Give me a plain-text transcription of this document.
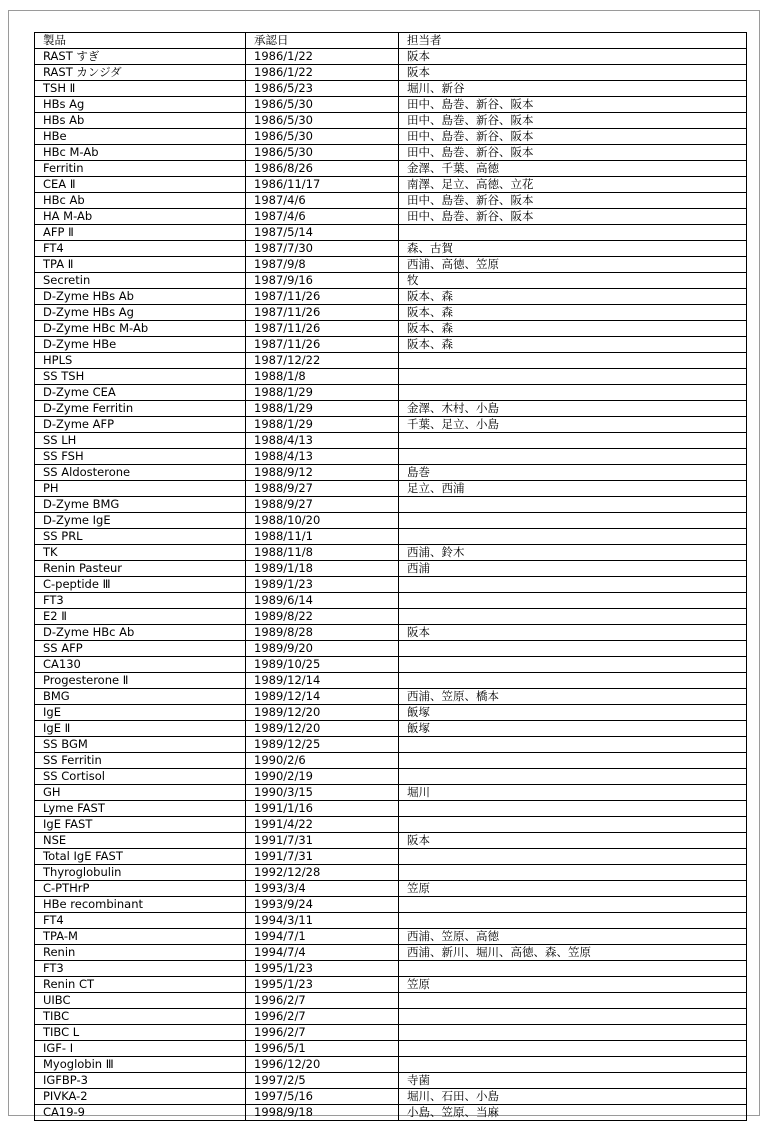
製品	承認日	担当者
RAST すぎ	1986/1/22	阪本
RAST カンジダ	1986/1/22	阪本
TSH Ⅱ	1986/5/23	堀川、新谷
HBs Ag	1986/5/30	田中、島巻、新谷、阪本
HBs Ab	1986/5/30	田中、島巻、新谷、阪本
HBe	1986/5/30	田中、島巻、新谷、阪本
HBc M-Ab	1986/5/30	田中、島巻、新谷、阪本
Ferritin	1986/8/26	金澤、千葉、高徳
CEA Ⅱ	1986/11/17	南澤、足立、高徳、立花
HBc Ab	1987/4/6	田中、島巻、新谷、阪本
HA M-Ab	1987/4/6	田中、島巻、新谷、阪本
AFP Ⅱ	1987/5/14	
FT4	1987/7/30	森、古賀
TPA Ⅱ	1987/9/8	西浦、高徳、笠原
Secretin	1987/9/16	牧
D-Zyme HBs Ab	1987/11/26	阪本、森
D-Zyme HBs Ag	1987/11/26	阪本、森
D-Zyme HBc M-Ab	1987/11/26	阪本、森
D-Zyme HBe	1987/11/26	阪本、森
HPLS	1987/12/22	
SS TSH	1988/1/8	
D-Zyme CEA	1988/1/29	
D-Zyme Ferritin	1988/1/29	金澤、木村、小島
D-Zyme AFP	1988/1/29	千葉、足立、小島
SS LH	1988/4/13	
SS FSH	1988/4/13	
SS Aldosterone	1988/9/12	島巻
PH	1988/9/27	足立、西浦
D-Zyme BMG	1988/9/27	
D-Zyme IgE	1988/10/20	
SS PRL	1988/11/1	
TK	1988/11/8	西浦、鈴木
Renin Pasteur	1989/1/18	西浦
C-peptide Ⅲ	1989/1/23	
FT3	1989/6/14	
E2 Ⅱ	1989/8/22	
D-Zyme HBc Ab	1989/8/28	阪本
SS AFP	1989/9/20	
CA130	1989/10/25	
Progesterone Ⅱ	1989/12/14	
BMG	1989/12/14	西浦、笠原、橋本
IgE	1989/12/20	飯塚
IgE Ⅱ	1989/12/20	飯塚
SS BGM	1989/12/25	
SS Ferritin	1990/2/6	
SS Cortisol	1990/2/19	
GH	1990/3/15	堀川
Lyme FAST	1991/1/16	
IgE FAST	1991/4/22	
NSE	1991/7/31	阪本
Total IgE FAST	1991/7/31	
Thyroglobulin	1992/12/28	
C-PTHrP	1993/3/4	笠原
HBe recombinant	1993/9/24	
FT4	1994/3/11	
TPA-M	1994/7/1	西浦、笠原、高徳
Renin	1994/7/4	西浦、新川、堀川、高徳、森、笠原
FT3	1995/1/23	
Renin CT	1995/1/23	笠原
UIBC	1996/2/7	
TIBC	1996/2/7	
TIBC L	1996/2/7	
IGF- Ⅰ	1996/5/1	
Myoglobin Ⅲ	1996/12/20	
IGFBP-3	1997/2/5	寺菌
PIVKA-2	1997/5/16	堀川、石田、小島
CA19-9	1998/9/18	小島、笠原、当麻
